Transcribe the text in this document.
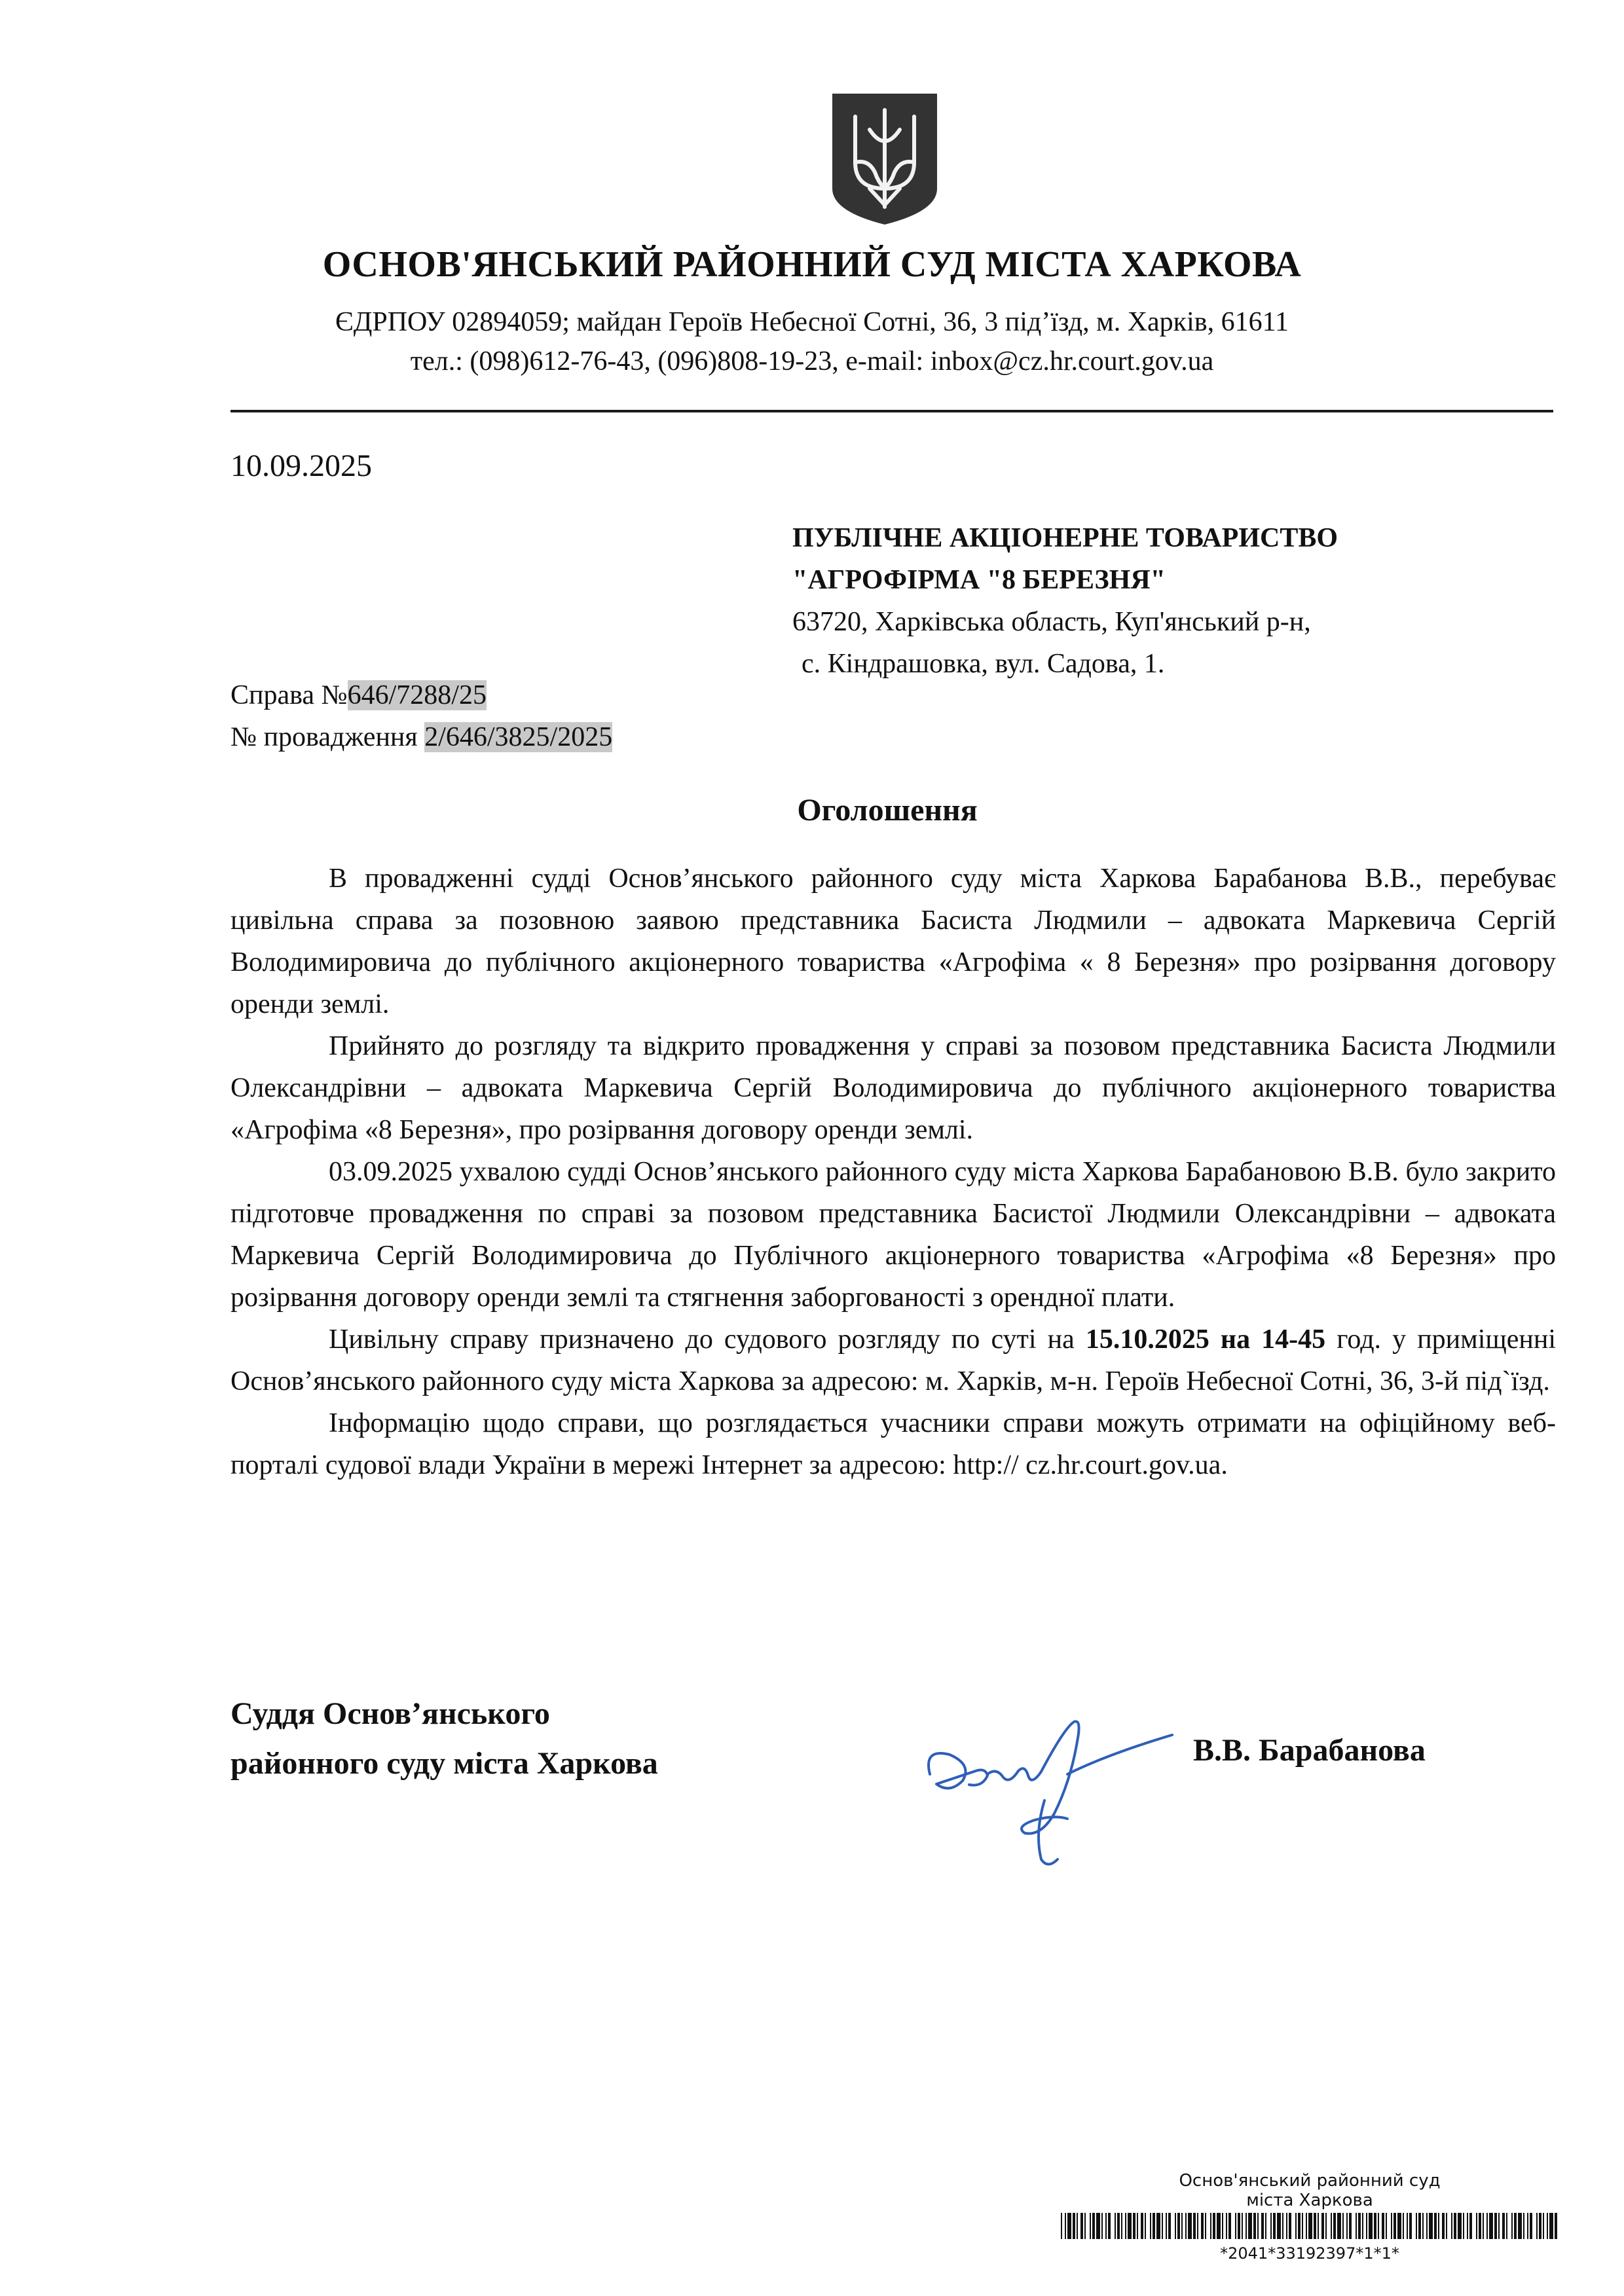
ОСНОВ'ЯНСЬКИЙ РАЙОННИЙ СУД МІСТА ХАРКОВА
ЄДРПОУ 02894059; майдан Героїв Небесної Сотні, 36, 3 під’їзд, м. Харків, 61611
тел.: (098)612-76-43, (096)808-19-23, e-mail: inbox@cz.hr.court.gov.ua
10.09.2025
ПУБЛІЧНЕ АКЦІОНЕРНЕ ТОВАРИСТВО
"АГРОФІРМА "8 БЕРЕЗНЯ"
63720, Харківська область, Куп'янський р-н,
с. Кіндрашовка, вул. Садова, 1.
Справа №646/7288/25
№ провадження 2/646/3825/2025
Оголошення

В провадженні судді Основ’янського районного суду міста Харкова Барабанова В.В., перебуває цивільна справа за позовною заявою представника Басиста Людмили – адвоката Маркевича Сергій Володимировича до публічного акціонерного товариства «Агрофіма « 8 Березня» про розірвання договору оренди землі.

Прийнято до розгляду та відкрито провадження у справі за позовом представника Басиста Людмили Олександрівни – адвоката Маркевича Сергій Володимировича до публічного акціонерного товариства «Агрофіма «8 Березня», про розірвання договору оренди землі.

03.09.2025 ухвалою судді Основ’янського районного суду міста Харкова Барабановою В.В. було закрито підготовче провадження по справі за позовом представника Басистої Людмили Олександрівни – адвоката Маркевича Сергій Володимировича до Публічного акціонерного товариства «Агрофіма «8 Березня» про розірвання договору оренди землі та стягнення заборгованості з орендної плати.

Цивільну справу призначено до судового розгляду по суті на 15.10.2025 на 14-45 год. у приміщенні Основ’янського районного суду міста Харкова за адресою: м. Харків, м-н. Героїв Небесної Сотні, 36, 3-й під`їзд.

Інформацію щодо справи, що розглядається учасники справи можуть отримати на офіційному веб-порталі судової влади України в мережі Інтернет за адресою: http:// cz.hr.court.gov.ua.

Суддя Основ’янського
районного суду міста Харкова	В.В. Барабанова
Основ'янський районний суд
міста Харкова
*2041*33192397*1*1*
